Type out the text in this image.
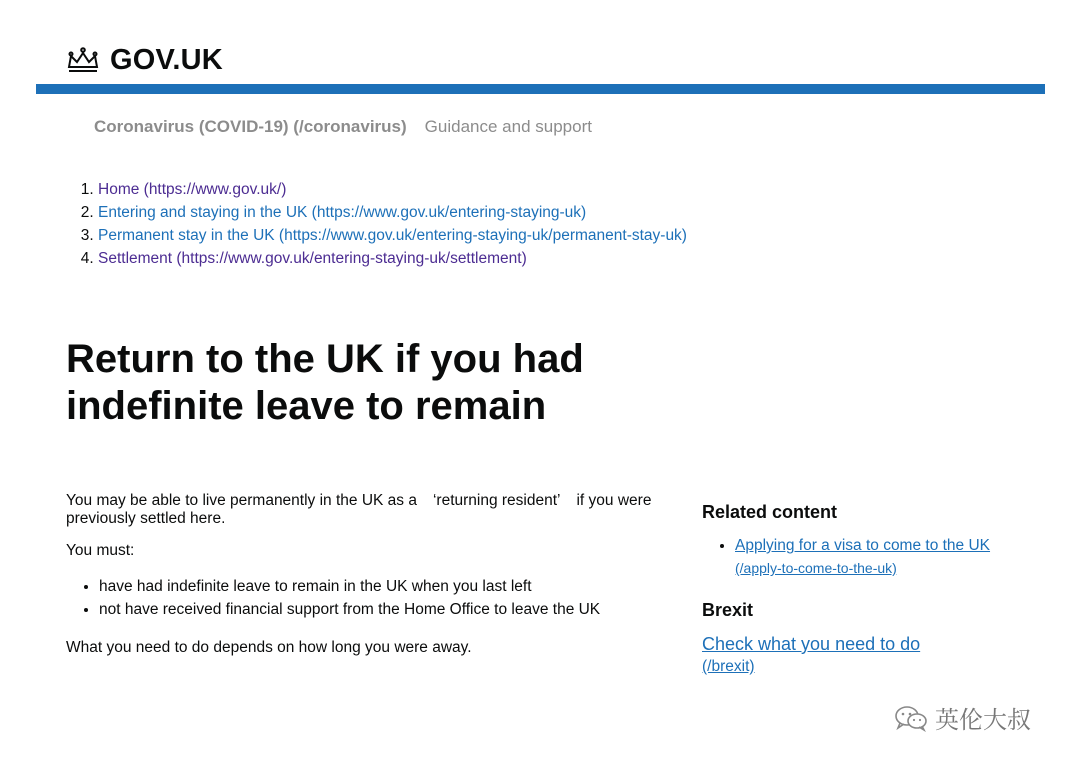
GOV.UK
Coronavirus (COVID-19) (/coronavirus) Guidance and support
1. Home (https://www.gov.uk/)
2. Entering and staying in the UK (https://www.gov.uk/entering-staying-uk)
3. Permanent stay in the UK (https://www.gov.uk/entering-staying-uk/permanent-stay-uk)
4. Settlement (https://www.gov.uk/entering-staying-uk/settlement)
Return to the UK if you had indefinite leave to remain

You may be able to live permanently in the UK as a ‘returning resident’ if you were previously settled here.

You must:

• have had indefinite leave to remain in the UK when you last left
• not have received financial support from the Home Office to leave the UK

What you need to do depends on how long you were away.

Related content
• Applying for a visa to come to the UK (/apply-to-come-to-the-uk)
Brexit
Check what you need to do
(/brexit)
英伦大叔
